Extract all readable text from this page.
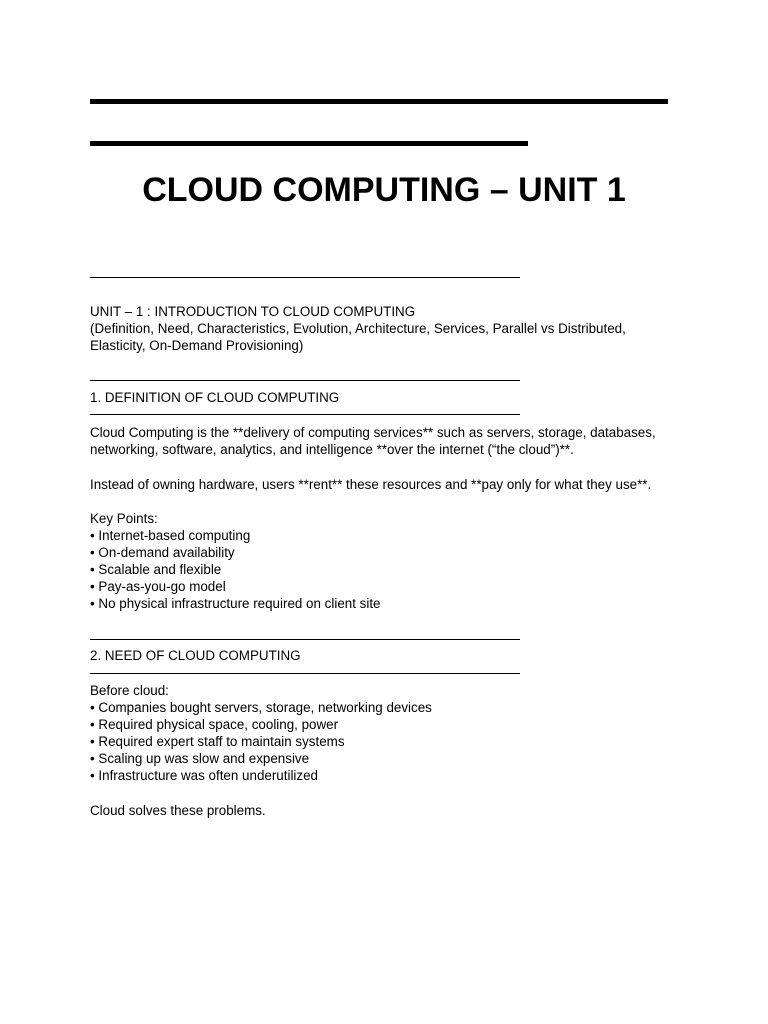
CLOUD COMPUTING – UNIT 1
UNIT – 1 : INTRODUCTION TO CLOUD COMPUTING
(Definition, Need, Characteristics, Evolution, Architecture, Services, Parallel vs Distributed,
Elasticity, On-Demand Provisioning)
1. DEFINITION OF CLOUD COMPUTING
Cloud Computing is the **delivery of computing services** such as servers, storage, databases,
networking, software, analytics, and intelligence **over the internet (“the cloud”)**.
Instead of owning hardware, users **rent** these resources and **pay only for what they use**.
Key Points:
• Internet-based computing
• On-demand availability
• Scalable and flexible
• Pay-as-you-go model
• No physical infrastructure required on client site
2. NEED OF CLOUD COMPUTING
Before cloud:
• Companies bought servers, storage, networking devices
• Required physical space, cooling, power
• Required expert staff to maintain systems
• Scaling up was slow and expensive
• Infrastructure was often underutilized
Cloud solves these problems.
